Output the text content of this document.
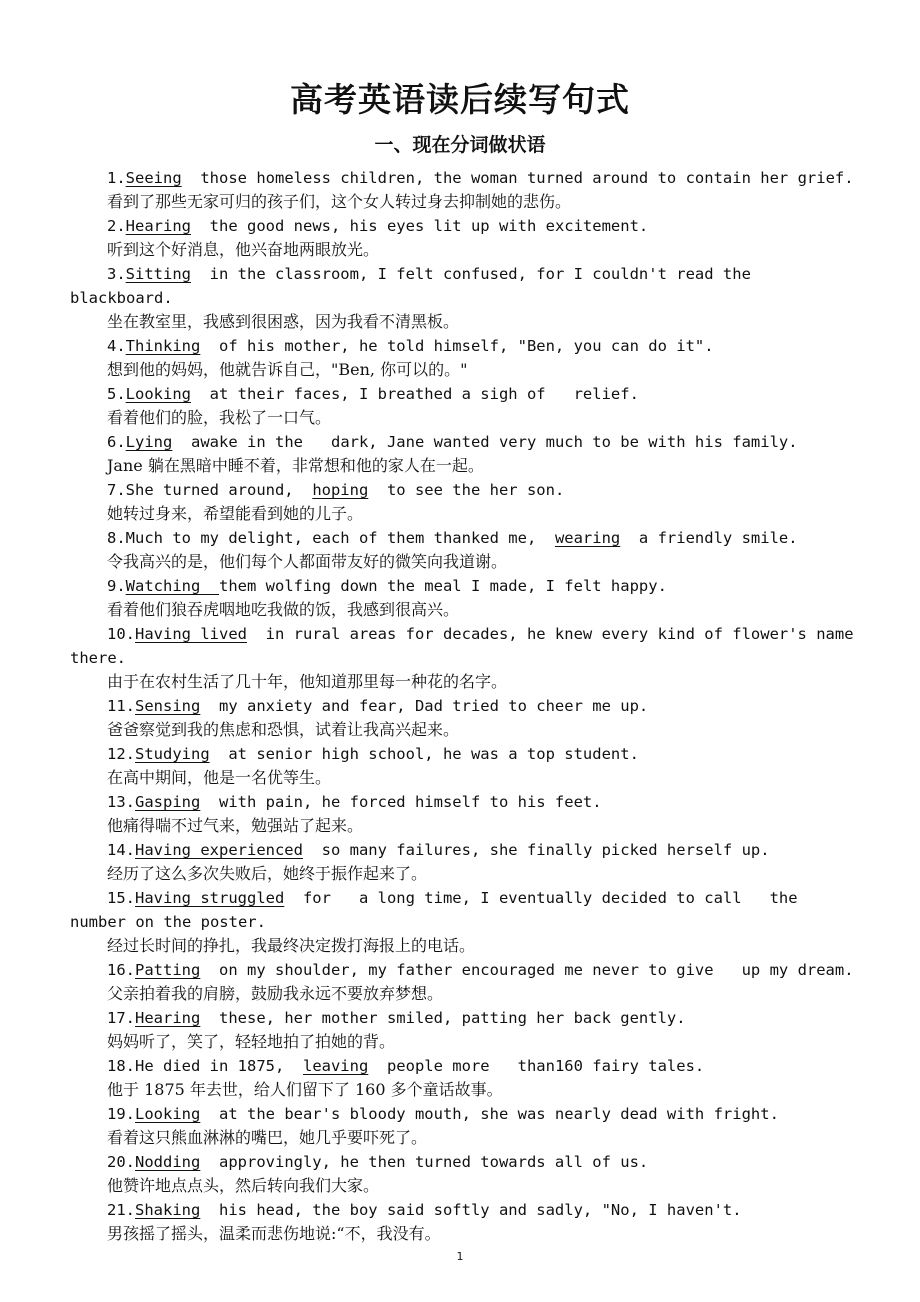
高考英语读后续写句式
一、现在分词做状语

1.Seeing  those homeless children, the woman turned around to contain her grief.

看到了那些无家可归的孩子们，这个女人转过身去抑制她的悲伤。

2.Hearing  the good news, his eyes lit up with excitement.

听到这个好消息，他兴奋地两眼放光。

3.Sitting  in the classroom, I felt confused, for I couldn't read the blackboard.

坐在教室里，我感到很困惑，因为我看不清黑板。

4.Thinking  of his mother, he told himself, "Ben, you can do it".

想到他的妈妈，他就告诉自己，"Ben, 你可以的。"

5.Looking  at their faces, I breathed a sigh of   relief.

看着他们的脸，我松了一口气。

6.Lying  awake in the   dark, Jane wanted very much to be with his family.

Jane 躺在黑暗中睡不着，非常想和他的家人在一起。

7.She turned around,  hoping  to see the her son.

她转过身来，希望能看到她的儿子。

8.Much to my delight, each of them thanked me,  wearing  a friendly smile.

令我高兴的是，他们每个人都面带友好的微笑向我道谢。

9.Watching  them wolfing down the meal I made, I felt happy.

看着他们狼吞虎咽地吃我做的饭，我感到很高兴。

10.Having lived  in rural areas for decades, he knew every kind of flower's name there.

由于在农村生活了几十年，他知道那里每一种花的名字。

11.Sensing  my anxiety and fear, Dad tried to cheer me up.

爸爸察觉到我的焦虑和恐惧，试着让我高兴起来。

12.Studying  at senior high school, he was a top student.

在高中期间，他是一名优等生。

13.Gasping  with pain, he forced himself to his feet.

他痛得喘不过气来，勉强站了起来。

14.Having experienced  so many failures, she finally picked herself up.

经历了这么多次失败后，她终于振作起来了。

15.Having struggled  for   a long time, I eventually decided to call   the number on the poster.

经过长时间的挣扎，我最终决定拨打海报上的电话。

16.Patting  on my shoulder, my father encouraged me never to give   up my dream.

父亲拍着我的肩膀，鼓励我永远不要放弃梦想。

17.Hearing  these, her mother smiled, patting her back gently.

妈妈听了，笑了，轻轻地拍了拍她的背。

18.He died in 1875,  leaving  people more   than160 fairy tales.

他于 1875 年去世，给人们留下了 160 多个童话故事。

19.Looking  at the bear's bloody mouth, she was nearly dead with fright.

看着这只熊血淋淋的嘴巴，她几乎要吓死了。

20.Nodding  approvingly, he then turned towards all of us.

他赞许地点点头，然后转向我们大家。

21.Shaking  his head, the boy said softly and sadly, "No, I haven't.

男孩摇了摇头，温柔而悲伤地说:“不，我没有。

1
